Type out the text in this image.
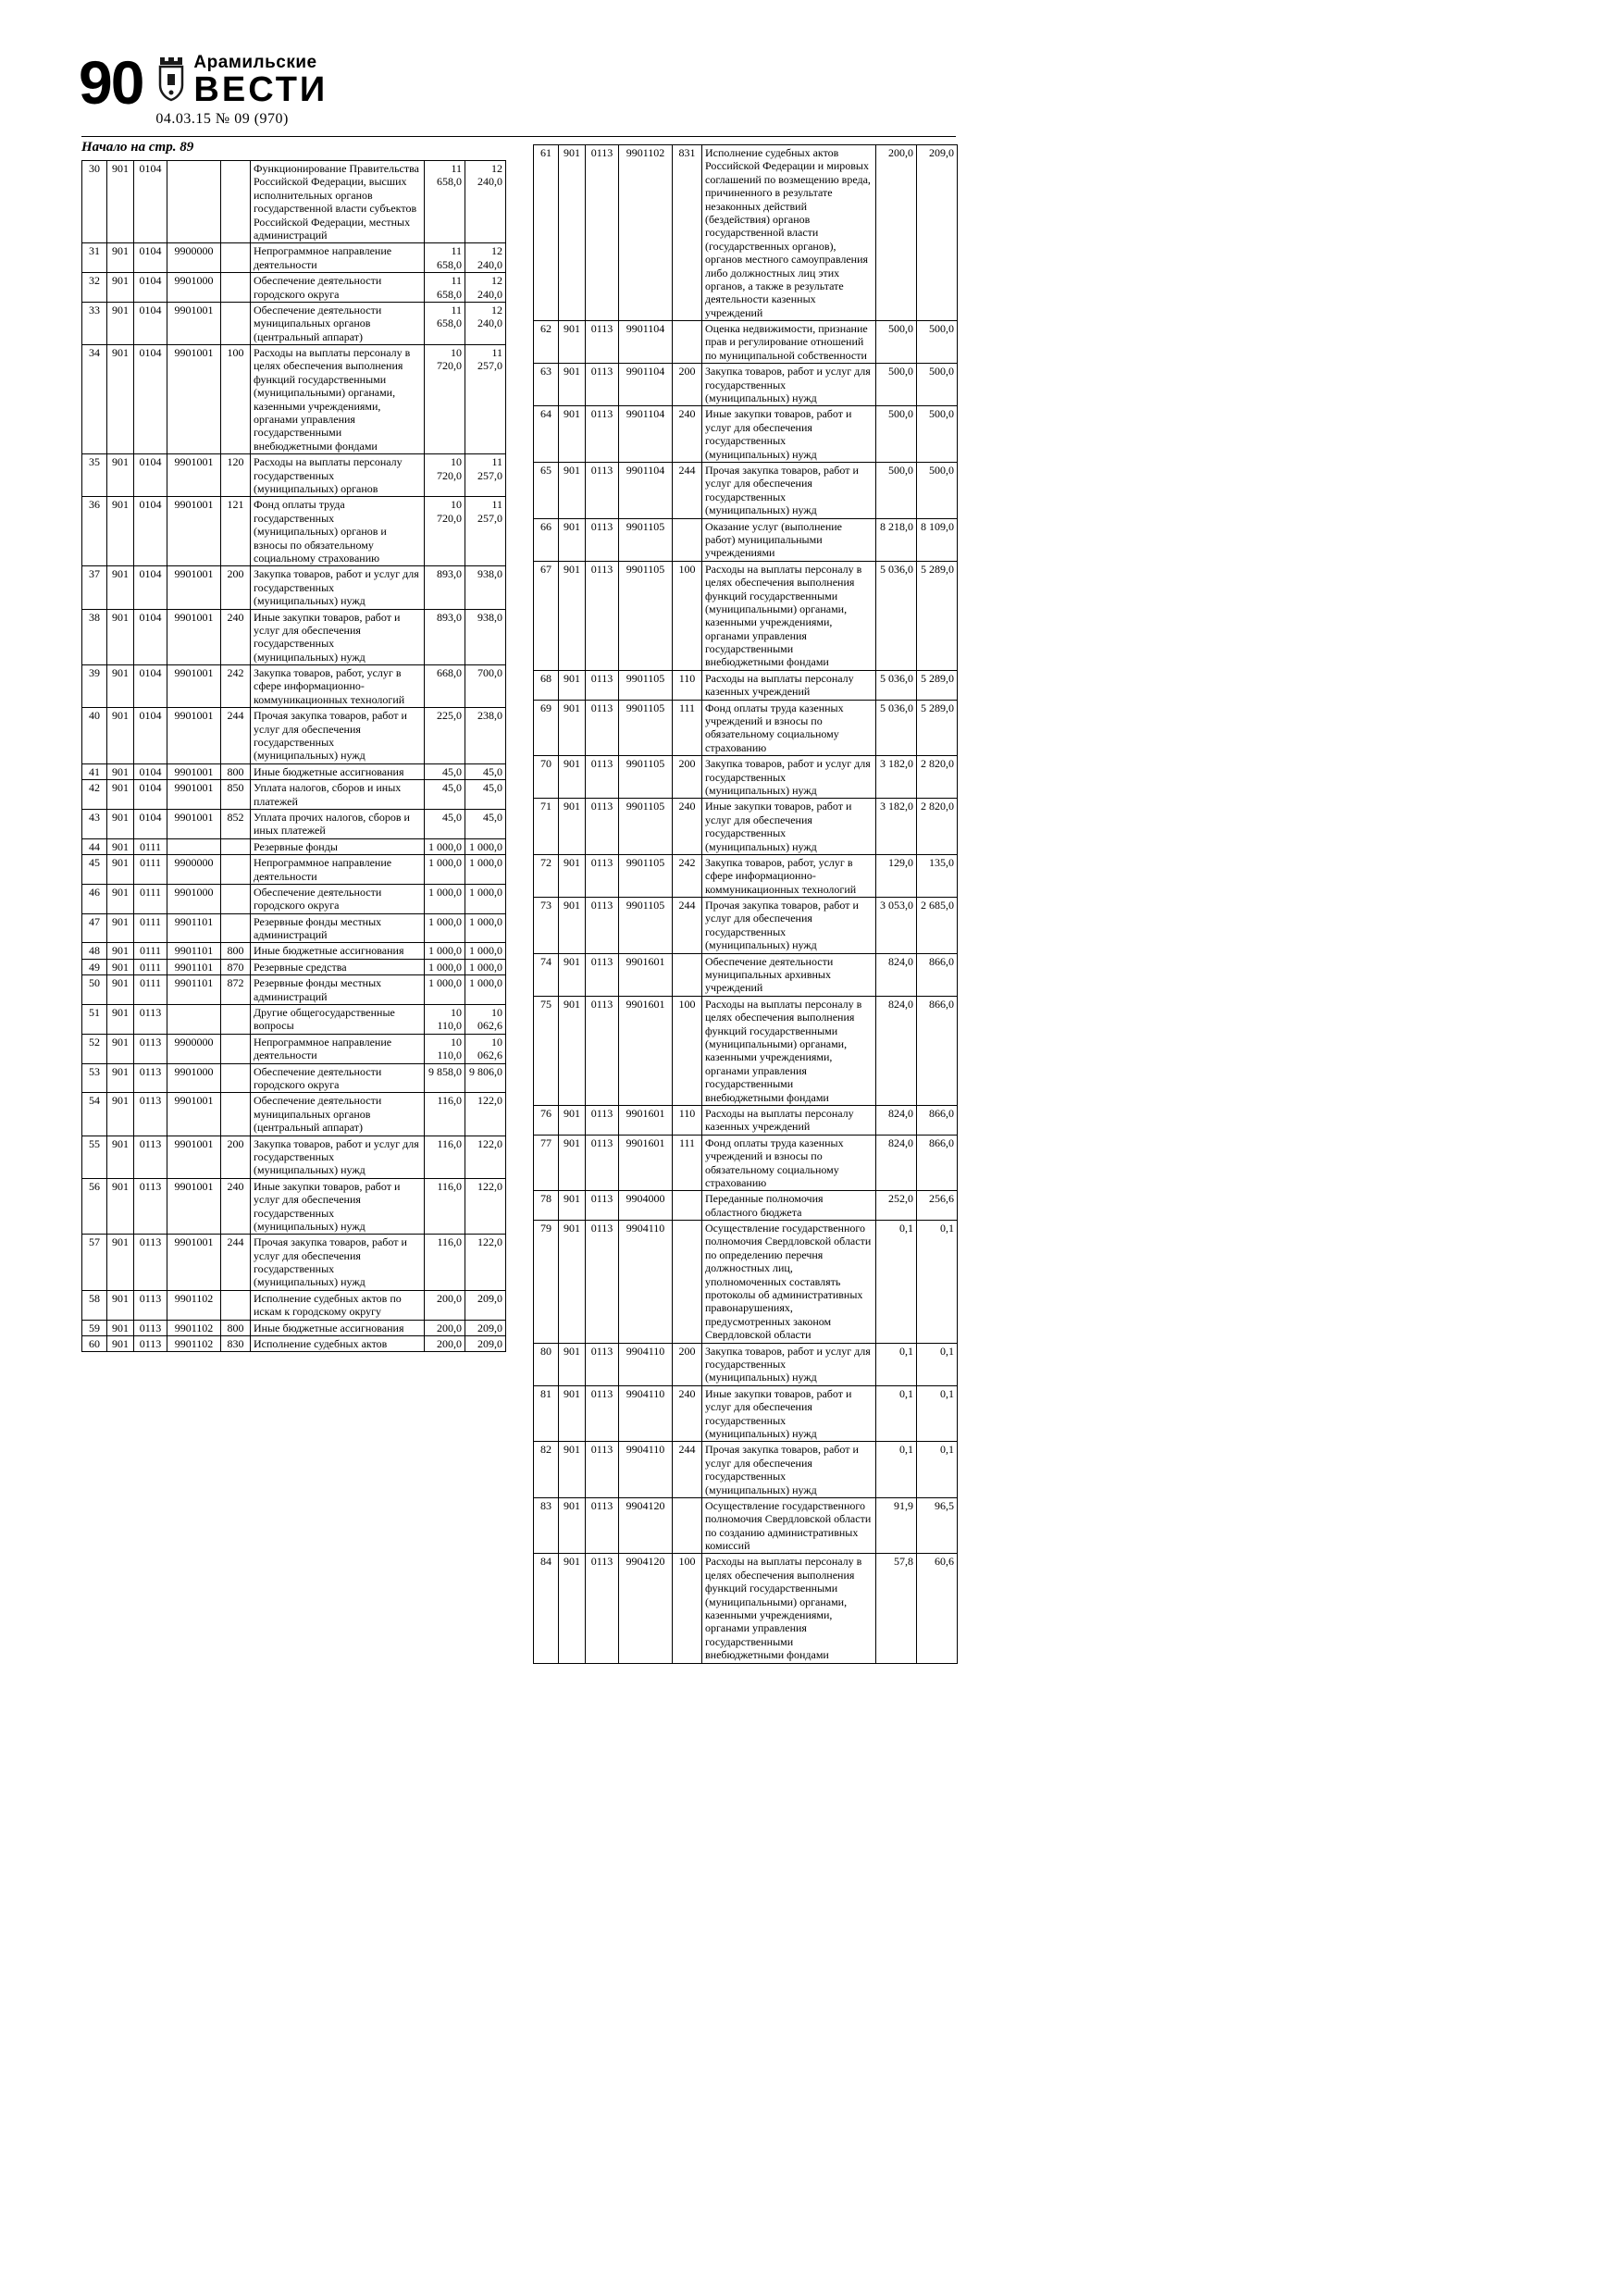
90	Арамильские
ВЕСТИ
04.03.15 № 09 (970)
Начало на стр. 89
30	901	0104			Функционирование Правительства Российской Федерации, высших исполнительных органов государственной власти субъектов Российской Федерации, местных администраций	11 658,0	12 240,0
31	901	0104	9900000		Непрограммное направление деятельности	11 658,0	12 240,0
32	901	0104	9901000		Обеспечение деятельности городского округа	11 658,0	12 240,0
33	901	0104	9901001		Обеспечение деятельности муниципальных органов (центральный аппарат)	11 658,0	12 240,0
34	901	0104	9901001	100	Расходы на выплаты персоналу в целях обеспечения выполнения функций государственными (муниципальными) органами, казенными учреждениями, органами управления государственными внебюджетными фондами	10 720,0	11 257,0
35	901	0104	9901001	120	Расходы на выплаты персоналу государственных (муниципальных) органов	10 720,0	11 257,0
36	901	0104	9901001	121	Фонд оплаты труда государственных (муниципальных) органов и взносы по обязательному социальному страхованию	10 720,0	11 257,0
37	901	0104	9901001	200	Закупка товаров, работ и услуг для государственных (муниципальных) нужд	893,0	938,0
38	901	0104	9901001	240	Иные закупки товаров, работ и услуг для обеспечения государственных (муниципальных) нужд	893,0	938,0
39	901	0104	9901001	242	Закупка товаров, работ, услуг в сфере информационно-коммуникационных технологий	668,0	700,0
40	901	0104	9901001	244	Прочая закупка товаров, работ и услуг для обеспечения государственных (муниципальных) нужд	225,0	238,0
41	901	0104	9901001	800	Иные бюджетные ассигнования	45,0	45,0
42	901	0104	9901001	850	Уплата налогов, сборов и иных платежей	45,0	45,0
43	901	0104	9901001	852	Уплата прочих налогов, сборов и иных платежей	45,0	45,0
44	901	0111			Резервные фонды	1 000,0	1 000,0
45	901	0111	9900000		Непрограммное направление деятельности	1 000,0	1 000,0
46	901	0111	9901000		Обеспечение деятельности городского округа	1 000,0	1 000,0
47	901	0111	9901101		Резервные фонды местных администраций	1 000,0	1 000,0
48	901	0111	9901101	800	Иные бюджетные ассигнования	1 000,0	1 000,0
49	901	0111	9901101	870	Резервные средства	1 000,0	1 000,0
50	901	0111	9901101	872	Резервные фонды местных администраций	1 000,0	1 000,0
51	901	0113			Другие общегосударственные вопросы	10 110,0	10 062,6
52	901	0113	9900000		Непрограммное направление деятельности	10 110,0	10 062,6
53	901	0113	9901000		Обеспечение деятельности городского округа	9 858,0	9 806,0
54	901	0113	9901001		Обеспечение деятельности муниципальных органов (центральный аппарат)	116,0	122,0
55	901	0113	9901001	200	Закупка товаров, работ и услуг для государственных (муниципальных) нужд	116,0	122,0
56	901	0113	9901001	240	Иные закупки товаров, работ и услуг для обеспечения государственных (муниципальных) нужд	116,0	122,0
57	901	0113	9901001	244	Прочая закупка товаров, работ и услуг для обеспечения государственных (муниципальных) нужд	116,0	122,0
58	901	0113	9901102		Исполнение судебных актов по искам к городскому округу	200,0	209,0
59	901	0113	9901102	800	Иные бюджетные ассигнования	200,0	209,0
60	901	0113	9901102	830	Исполнение судебных актов	200,0	209,0
61	901	0113	9901102	831	Исполнение судебных актов Российской Федерации и мировых соглашений по возмещению вреда, причиненного в результате незаконных действий (бездействия) органов государственной власти (государственных органов), органов местного самоуправления либо должностных лиц этих органов, а также в результате деятельности казенных учреждений	200,0	209,0
62	901	0113	9901104		Оценка недвижимости, признание прав и регулирование отношений по муниципальной собственности	500,0	500,0
63	901	0113	9901104	200	Закупка товаров, работ и услуг для государственных (муниципальных) нужд	500,0	500,0
64	901	0113	9901104	240	Иные закупки товаров, работ и услуг для обеспечения государственных (муниципальных) нужд	500,0	500,0
65	901	0113	9901104	244	Прочая закупка товаров, работ и услуг для обеспечения государственных (муниципальных) нужд	500,0	500,0
66	901	0113	9901105		Оказание услуг (выполнение работ) муниципальными учреждениями	8 218,0	8 109,0
67	901	0113	9901105	100	Расходы на выплаты персоналу в целях обеспечения выполнения функций государственными (муниципальными) органами, казенными учреждениями, органами управления государственными внебюджетными фондами	5 036,0	5 289,0
68	901	0113	9901105	110	Расходы на выплаты персоналу казенных учреждений	5 036,0	5 289,0
69	901	0113	9901105	111	Фонд оплаты труда казенных учреждений и взносы по обязательному социальному страхованию	5 036,0	5 289,0
70	901	0113	9901105	200	Закупка товаров, работ и услуг для государственных (муниципальных) нужд	3 182,0	2 820,0
71	901	0113	9901105	240	Иные закупки товаров, работ и услуг для обеспечения государственных (муниципальных) нужд	3 182,0	2 820,0
72	901	0113	9901105	242	Закупка товаров, работ, услуг в сфере информационно-коммуникационных технологий	129,0	135,0
73	901	0113	9901105	244	Прочая закупка товаров, работ и услуг для обеспечения государственных (муниципальных) нужд	3 053,0	2 685,0
74	901	0113	9901601		Обеспечение деятельности муниципальных архивных учреждений	824,0	866,0
75	901	0113	9901601	100	Расходы на выплаты персоналу в целях обеспечения выполнения функций государственными (муниципальными) органами, казенными учреждениями, органами управления государственными внебюджетными фондами	824,0	866,0
76	901	0113	9901601	110	Расходы на выплаты персоналу казенных учреждений	824,0	866,0
77	901	0113	9901601	111	Фонд оплаты труда казенных учреждений и взносы по обязательному социальному страхованию	824,0	866,0
78	901	0113	9904000		Переданные полномочия областного бюджета	252,0	256,6
79	901	0113	9904110		Осуществление государственного полномочия Свердловской области по определению перечня должностных лиц, уполномоченных составлять протоколы об административных правонарушениях, предусмотренных законом Свердловской области	0,1	0,1
80	901	0113	9904110	200	Закупка товаров, работ и услуг для государственных (муниципальных) нужд	0,1	0,1
81	901	0113	9904110	240	Иные закупки товаров, работ и услуг для обеспечения государственных (муниципальных) нужд	0,1	0,1
82	901	0113	9904110	244	Прочая закупка товаров, работ и услуг для обеспечения государственных (муниципальных) нужд	0,1	0,1
83	901	0113	9904120		Осуществление государственного полномочия Свердловской области по созданию административных комиссий	91,9	96,5
84	901	0113	9904120	100	Расходы на выплаты персоналу в целях обеспечения выполнения функций государственными (муниципальными) органами, казенными учреждениями, органами управления государственными внебюджетными фондами	57,8	60,6
